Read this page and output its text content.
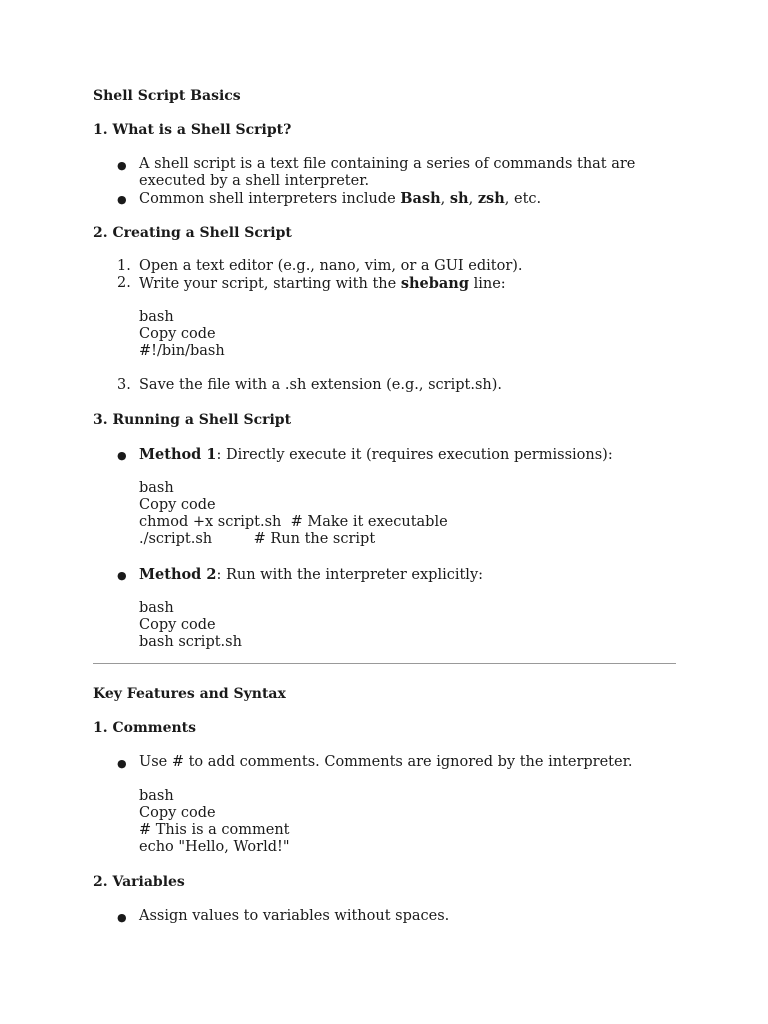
Shell Script Basics
1. What is a Shell Script?
● A shell script is a text file containing a series of commands that are
executed by a shell interpreter.
● Common shell interpreters include Bash, sh, zsh, etc.
2. Creating a Shell Script
1. Open a text editor (e.g., nano, vim, or a GUI editor).
2. Write your script, starting with the shebang line:
bash
Copy code
#!/bin/bash
3. Save the file with a .sh extension (e.g., script.sh).
3. Running a Shell Script
● Method 1: Directly execute it (requires execution permissions):
bash
Copy code
chmod +x script.sh  # Make it executable
./script.sh         # Run the script
● Method 2: Run with the interpreter explicitly:
bash
Copy code
bash script.sh
Key Features and Syntax
1. Comments
● Use # to add comments. Comments are ignored by the interpreter.
bash
Copy code
# This is a comment
echo "Hello, World!"
2. Variables
● Assign values to variables without spaces.
